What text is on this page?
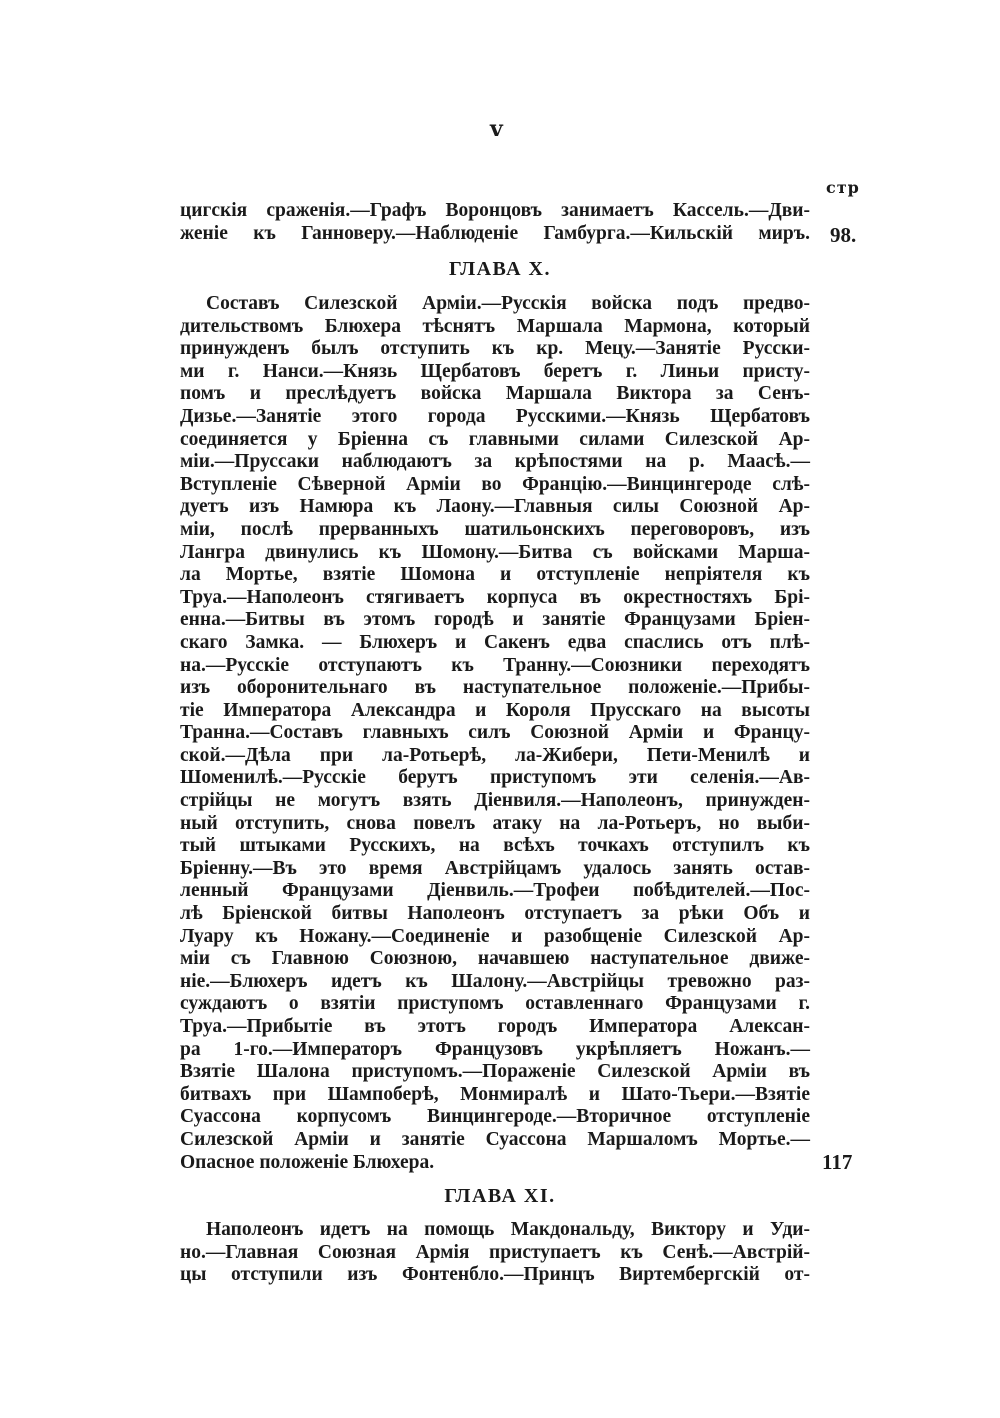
v
стр
цигскія сраженія.—Графъ Воронцовъ занимаетъ Кассель.—Дви-
женіе къ Ганноверу.—Наблюденіе Гамбурга.—Кильскій миръ. 98.
ГЛАВА X.
Составъ Силезской Арміи.—Русскія войска подъ предво-
дительствомъ Блюхера тѣснятъ Маршала Мармона, который
принужденъ былъ отступить къ кр. Мецу.—Занятіе Русски-
ми г. Нанси.—Князь Щербатовъ беретъ г. Линьи присту-
помъ и преслѣдуетъ войска Маршала Виктора за Сенъ-
Дизье.—Занятіе этого города Русскими.—Князь Щербатовъ
соединяется у Бріенна съ главными силами Силезской Ар-
міи.—Пруссаки наблюдаютъ за крѣпостями на р. Маасѣ.—
Вступленіе Сѣверной Арміи во Францію.—Винцингероде слѣ-
дуетъ изъ Намюра къ Лаону.—Главныя силы Союзной Ар-
міи, послѣ прерванныхъ шатильонскихъ переговоровъ, изъ
Лангра двинулись къ Шомону.—Битва съ войсками Марша-
ла Мортье, взятіе Шомона и отступленіе непріятеля къ
Труа.—Наполеонъ стягиваетъ корпуса въ окрестностяхъ Брі-
енна.—Битвы въ этомъ городѣ и занятіе Французами Бріен-
скаго Замка. — Блюхеръ и Сакенъ едва спаслись отъ плѣ-
на.—Русскіе отступаютъ къ Транну.—Союзники переходятъ
изъ оборонительнаго въ наступательное положеніе.—Прибы-
тіе Императора Александра и Короля Прусскаго на высоты
Транна.—Составъ главныхъ силъ Союзной Арміи и Францу-
ской.—Дѣла при ла-Ротьерѣ, ла-Жибери, Пети-Менилѣ и
Шоменилѣ.—Русскіе берутъ приступомъ эти селенія.—Ав-
стрійцы не могутъ взять Діенвиля.—Наполеонъ, принужден-
ный отступить, снова повелъ атаку на ла-Ротьеръ, но выби-
тый штыками Русскихъ, на всѣхъ точкахъ отступилъ къ
Бріенну.—Въ это время Австрійцамъ удалось занять остав-
ленный Французами Діенвиль.—Трофеи побѣдителей.—Пос-
лѣ Бріенской битвы Наполеонъ отступаетъ за рѣки Объ и
Луару къ Ножану.—Соединеніе и разобщеніе Силезской Ар-
міи съ Главною Союзною, начавшею наступательное движе-
ніе.—Блюхеръ идетъ къ Шалону.—Австрійцы тревожно раз-
суждаютъ о взятіи приступомъ оставленнаго Французами г.
Труа.—Прибытіе въ этотъ городъ Императора Алексан-
ра 1-го.—Императоръ Французовъ укрѣпляетъ Ножанъ.—
Взятіе Шалона приступомъ.—Пораженіе Силезской Арміи въ
битвахъ при Шампоберѣ, Монмиралѣ и Шато-Тьери.—Взятіе
Суассона корпусомъ Винцингероде.—Вторичное отступленіе
Силезской Арміи и занятіе Суассона Маршаломъ Мортье.—
Опасное положеніе Блюхера.	117
ГЛАВА XI.
Наполеонъ идетъ на помощь Макдональду, Виктору и Уди-
но.—Главная Союзная Армія приступаетъ къ Сенѣ.—Австрій-
цы отступили изъ Фонтенбло.—Принцъ Виртембергскій от-
